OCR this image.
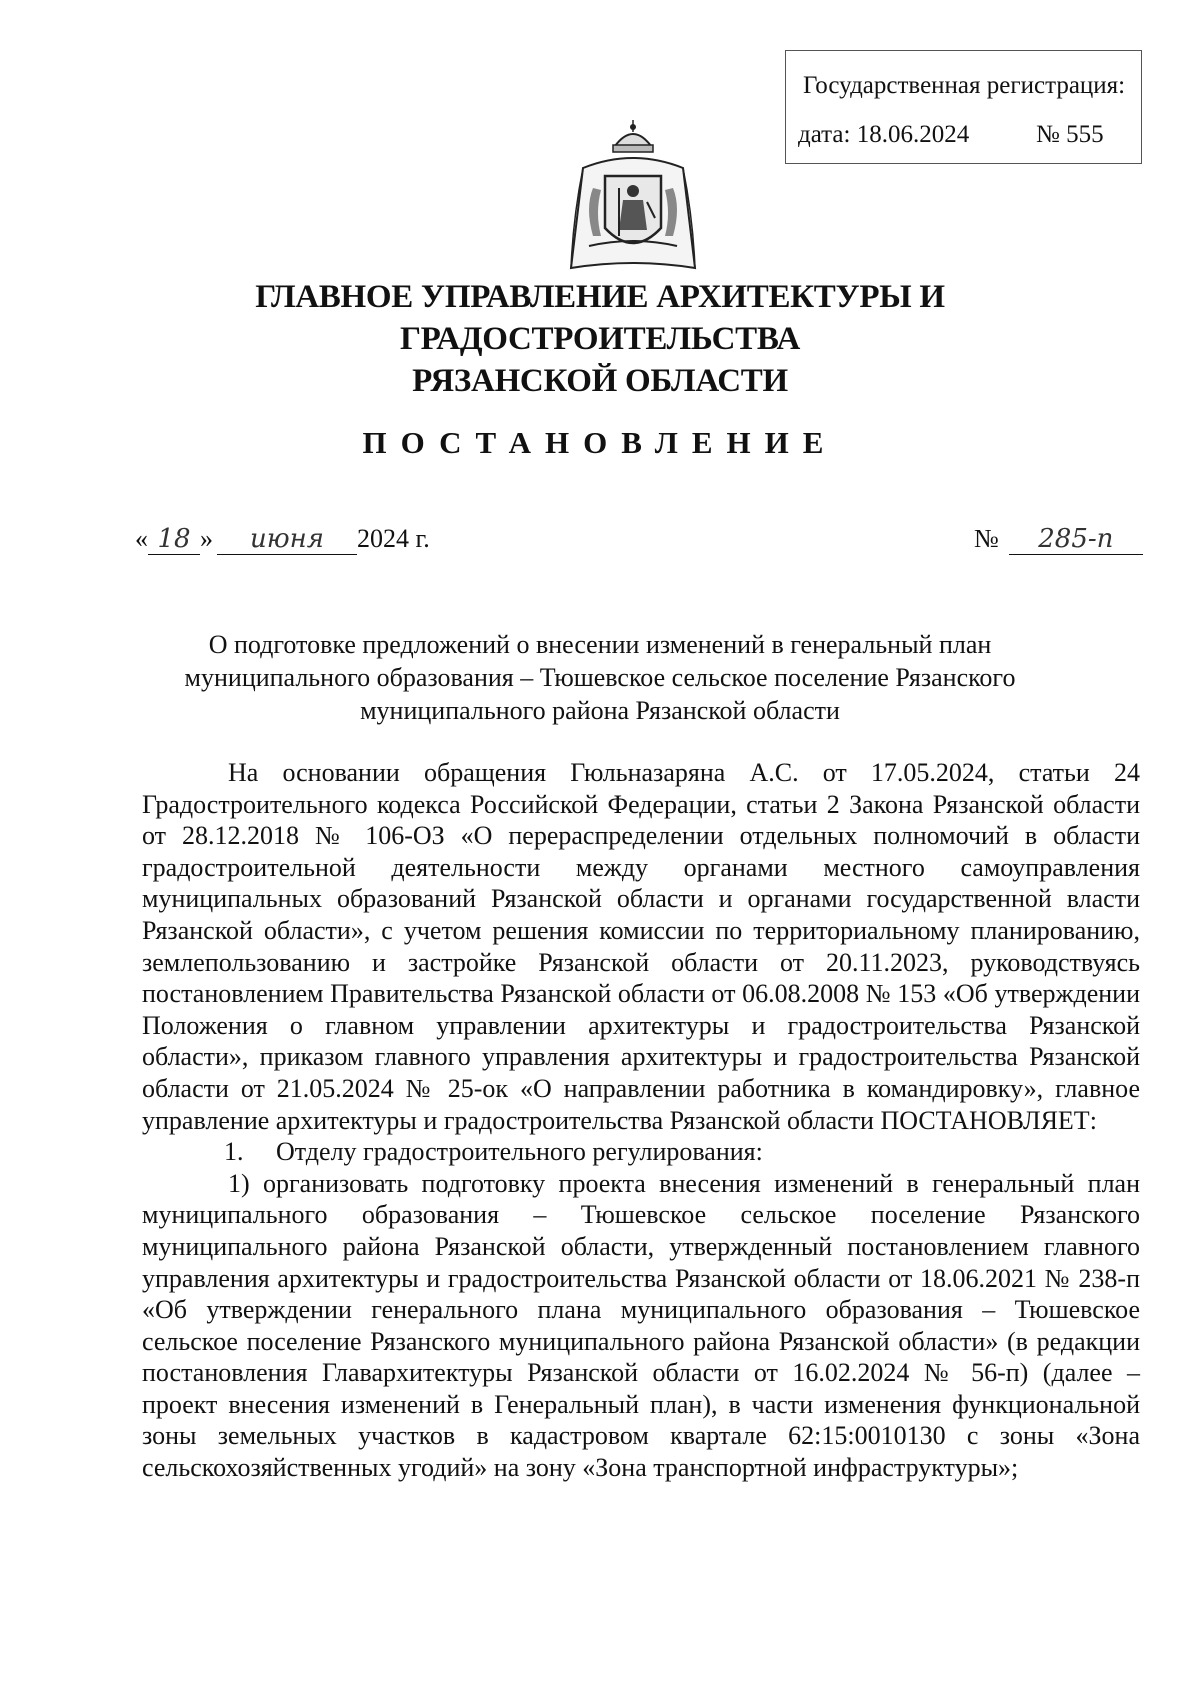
Государственная регистрация:
дата: 18.06.2024	№ 555
ГЛАВНОЕ УПРАВЛЕНИЕ АРХИТЕКТУРЫ И ГРАДОСТРОИТЕЛЬСТВА
РЯЗАНСКОЙ ОБЛАСТИ
ПОСТАНОВЛЕНИЕ
« 18 » июня 2024 г.	№ 285-п
О подготовке предложений о внесении изменений в генеральный план
муниципального образования – Тюшевское сельское поселение Рязанского
муниципального района Рязанской области

На основании обращения Гюльназаряна А.С. от 17.05.2024, статьи 24 Градостроительного кодекса Российской Федерации, статьи 2 Закона Рязанской области от 28.12.2018 № 106-ОЗ «О перераспределении отдельных полномочий в области градостроительной деятельности между органами местного самоуправления муниципальных образований Рязанской области и органами государственной власти Рязанской области», с учетом решения комиссии по территориальному планированию, землепользованию и застройке Рязанской области от 20.11.2023, руководствуясь постановлением Правительства Рязанской области от 06.08.2008 № 153 «Об утверждении Положения о главном управлении архитектуры и градостроительства Рязанской области», приказом главного управления архитектуры и градостроительства Рязанской области от 21.05.2024 № 25-ок «О направлении работника в командировку», главное управление архитектуры и градостроительства Рязанской области ПОСТАНОВЛЯЕТ:

1. Отделу градостроительного регулирования:

1) организовать подготовку проекта внесения изменений в генеральный план муниципального образования – Тюшевское сельское поселение Рязанского муниципального района Рязанской области, утвержденный постановлением главного управления архитектуры и градостроительства Рязанской области от 18.06.2021 № 238-п «Об утверждении генерального плана муниципального образования – Тюшевское сельское поселение Рязанского муниципального района Рязанской области» (в редакции постановления Главархитектуры Рязанской области от 16.02.2024 № 56-п) (далее – проект внесения изменений в Генеральный план), в части изменения функциональной зоны земельных участков в кадастровом квартале 62:15:0010130 с зоны «Зона сельскохозяйственных угодий» на зону «Зона транспортной инфраструктуры»;
